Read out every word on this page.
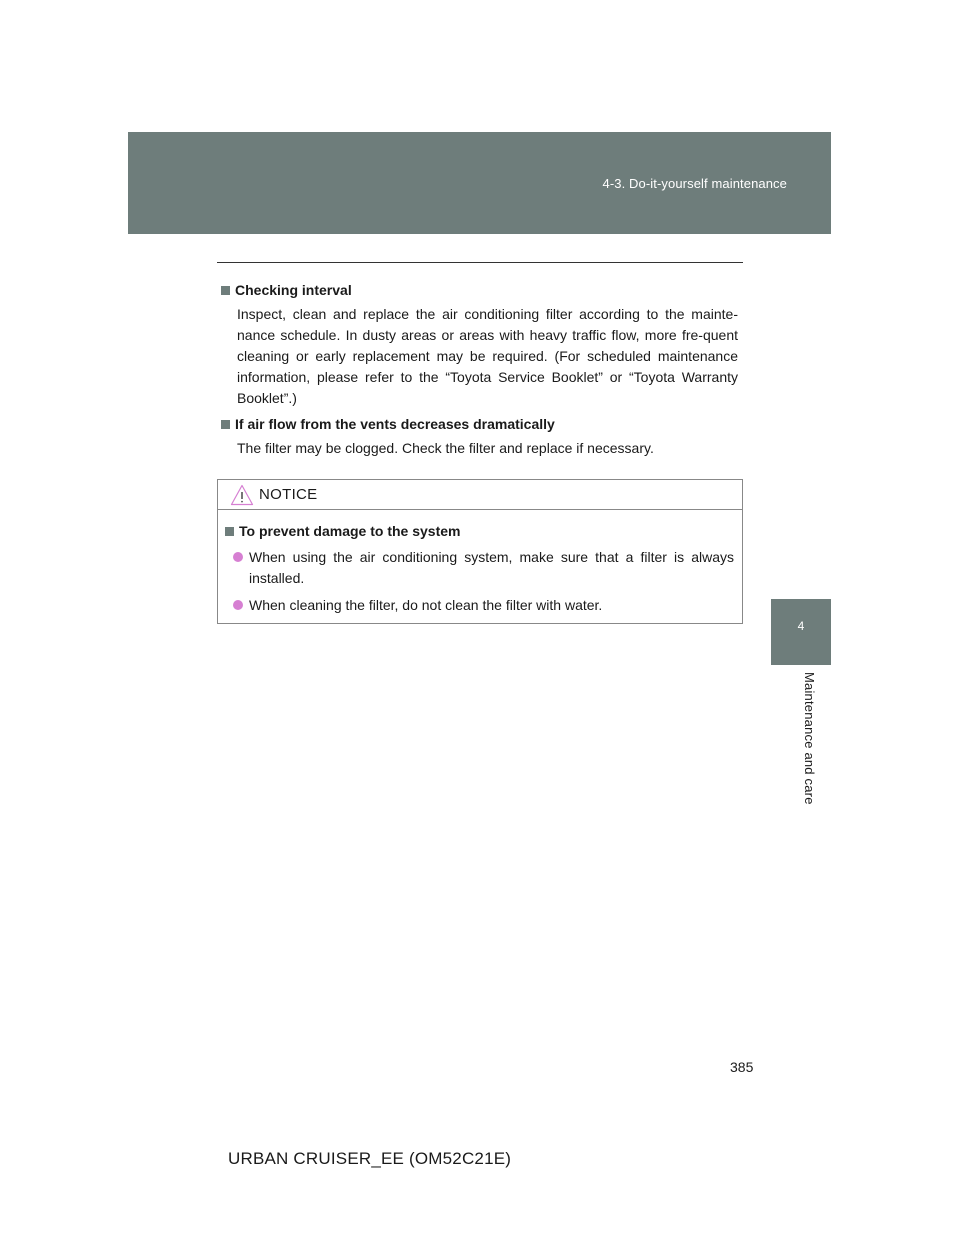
4-3. Do-it-yourself maintenance
4
Maintenance and care

Checking interval

Inspect, clean and replace the air conditioning filter according to the mainte-nance schedule. In dusty areas or areas with heavy traffic flow, more fre-quent cleaning or early replacement may be required. (For scheduled maintenance information, please refer to the “Toyota Service Booklet” or “Toyota Warranty Booklet”.)

If air flow from the vents decreases dramatically

The filter may be clogged. Check the filter and replace if necessary.

NOTICE

To prevent damage to the system

When using the air conditioning system, make sure that a filter is always installed.
When cleaning the filter, do not clean the filter with water.
385
URBAN CRUISER_EE (OM52C21E)
